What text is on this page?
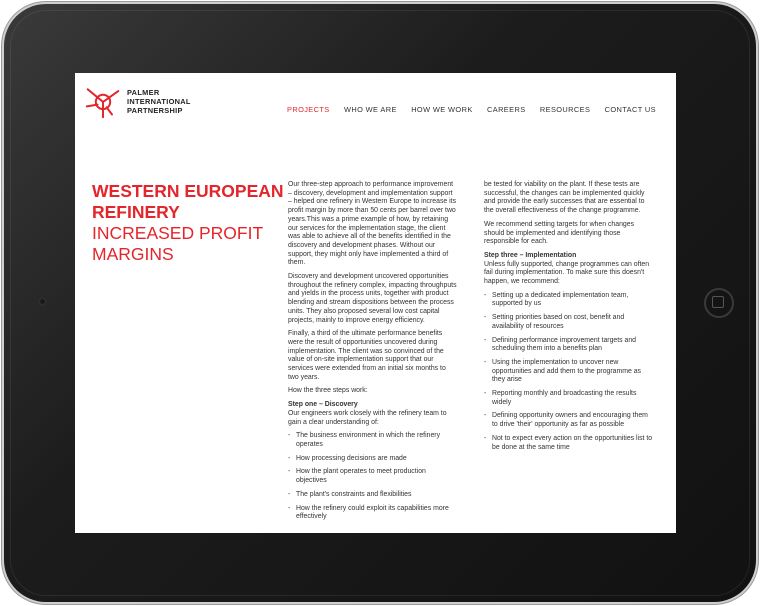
PALMER
INTERNATIONAL
PARTNERSHIP	PROJECTS WHO WE ARE HOW WE WORK CAREERS RESOURCES CONTACT US
WESTERN EUROPEAN
REFINERY
INCREASED PROFIT
MARGINS

Our three-step approach to performance improvement – discovery, development and implementation support – helped one refinery in Western Europe to increase its profit margin by more than 50 cents per barrel over two years.This was a prime example of how, by retaining our services for the implementation stage, the client was able to achieve all of the benefits identified in the discovery and development phases. Without our support, they might only have implemented a third of them.

Discovery and development uncovered opportunities throughout the refinery complex, impacting throughputs and yields in the process units, together with product blending and stream dispositions between the process units. They also proposed several low cost capital projects, mainly to improve energy efficiency.

Finally, a third of the ultimate performance benefits were the result of opportunities uncovered during implementation. The client was so convinced of the value of on-site implementation support that our services were extended from an initial six months to two years.

How the three steps work:

Step one – Discovery
Our engineers work closely with the refinery team to gain a clear understanding of:

- The business environment in which the refinery operates
- How processing decisions are made
- How the plant operates to meet production objectives
- The plant's constraints and flexibilities
- How the refinery could exploit its capabilities more effectively

be tested for viability on the plant. If these tests are successful, the changes can be implemented quickly and provide the early successes that are essential to the overall effectiveness of the change programme.

We recommend setting targets for when changes should be implemented and identifying those responsible for each.

Step three – Implementation
Unless fully supported, change programmes can often fail during implementation. To make sure this doesn't happen, we recommend:

- Setting up a dedicated implementation team, supported by us
- Setting priorities based on cost, benefit and availability of resources
- Defining performance improvement targets and scheduling them into a benefits plan
- Using the implementation to uncover new opportunities and add them to the programme as they arise
- Reporting monthly and broadcasting the results widely
- Defining opportunity owners and encouraging them to drive 'their' opportunity as far as possible
- Not to expect every action on the opportunities list to be done at the same time
